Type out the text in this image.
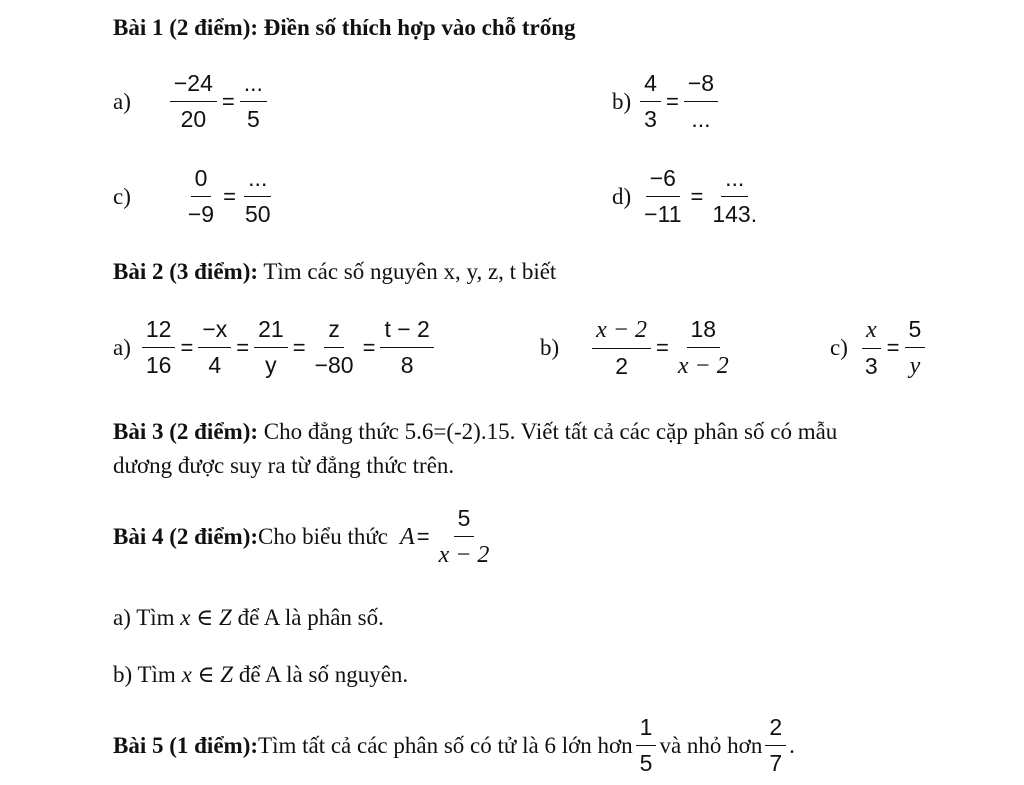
Bài 1 (2 điểm): Điền số thích hợp vào chỗ trống
$a) \frac{-24}{20} = \frac{...}{5}$	$b) \frac{4}{3} = \frac{-8}{...}$
$c) \frac{0}{-9} = \frac{...}{50}$	$d) \frac{-6}{-11} = \frac{...}{143.}$
Bài 2 (3 điểm): Tìm các số nguyên x, y, z, t biết
$a) \frac{12}{16} = \frac{-x}{4} = \frac{21}{y} = \frac{z}{-80} = \frac{t - 2}{8}$	$b) \frac{x - 2}{2} = \frac{18}{x - 2}$	$c) \frac{x}{3} = \frac{5}{y}$
Bài 3 (2 điểm): Cho đẳng thức 5.6=(-2).15. Viết tất cả các cặp phân số có mẫu
dương được suy ra từ đẳng thức trên.
Bài 4 (2 điểm): Cho biểu thức $A = \frac{5}{x - 2}$
a) Tìm x ∈ Z để A là phân số.
b) Tìm x ∈ Z để A là số nguyên.
Bài 5 (1 điểm): Tìm tất cả các phân số có tử là 6 lớn hơn $\frac{1}{5}$ và nhỏ hơn $\frac{2}{7}$ .
